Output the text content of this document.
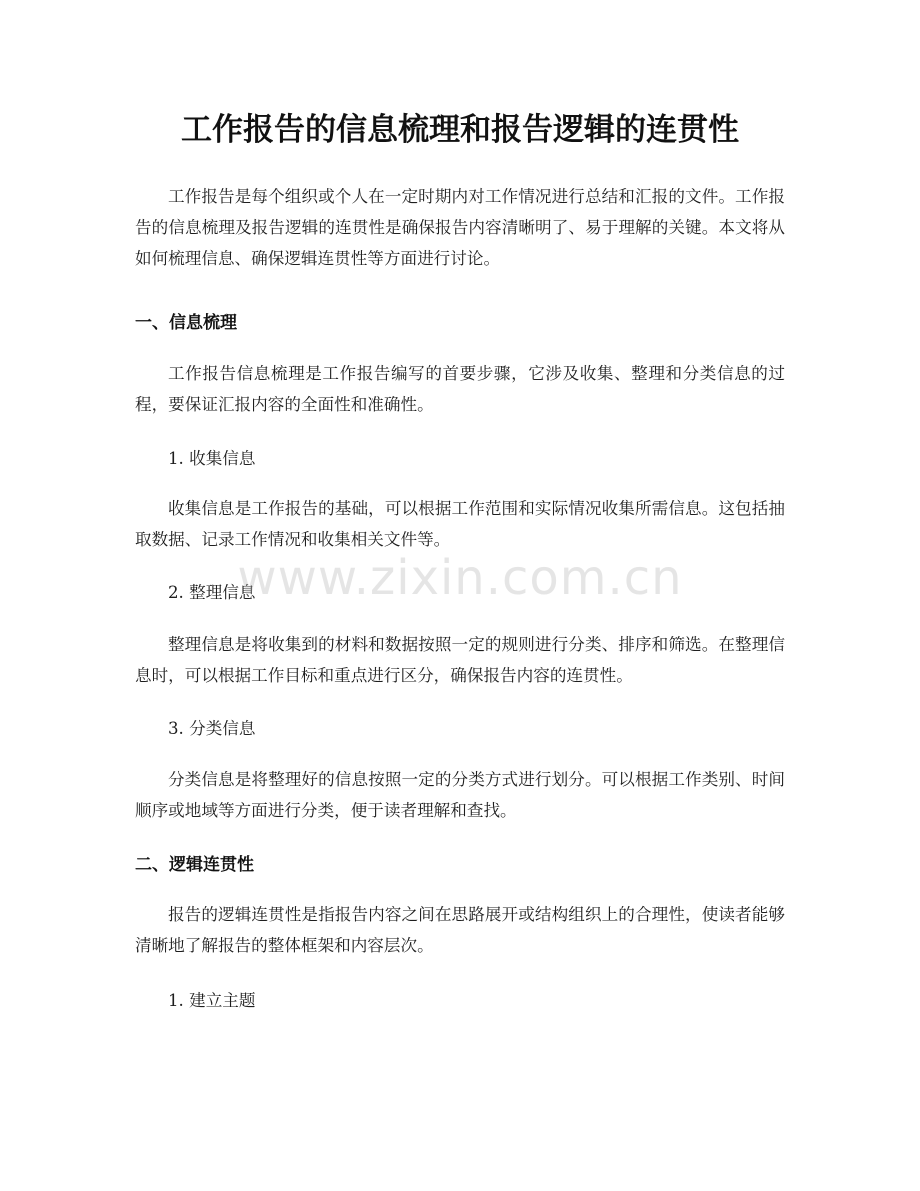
工作报告的信息梳理和报告逻辑的连贯性

工作报告是每个组织或个人在一定时期内对工作情况进行总结和汇报的文件。工作报告的信息梳理及报告逻辑的连贯性是确保报告内容清晰明了、易于理解的关键。本文将从如何梳理信息、确保逻辑连贯性等方面进行讨论。

一、信息梳理

工作报告信息梳理是工作报告编写的首要步骤，它涉及收集、整理和分类信息的过程，要保证汇报内容的全面性和准确性。

1. 收集信息

收集信息是工作报告的基础，可以根据工作范围和实际情况收集所需信息。这包括抽取数据、记录工作情况和收集相关文件等。

2. 整理信息

整理信息是将收集到的材料和数据按照一定的规则进行分类、排序和筛选。在整理信息时，可以根据工作目标和重点进行区分，确保报告内容的连贯性。

3. 分类信息

分类信息是将整理好的信息按照一定的分类方式进行划分。可以根据工作类别、时间顺序或地域等方面进行分类，便于读者理解和查找。

二、逻辑连贯性

报告的逻辑连贯性是指报告内容之间在思路展开或结构组织上的合理性，使读者能够清晰地了解报告的整体框架和内容层次。

1. 建立主题
www.zixin.com.cn
